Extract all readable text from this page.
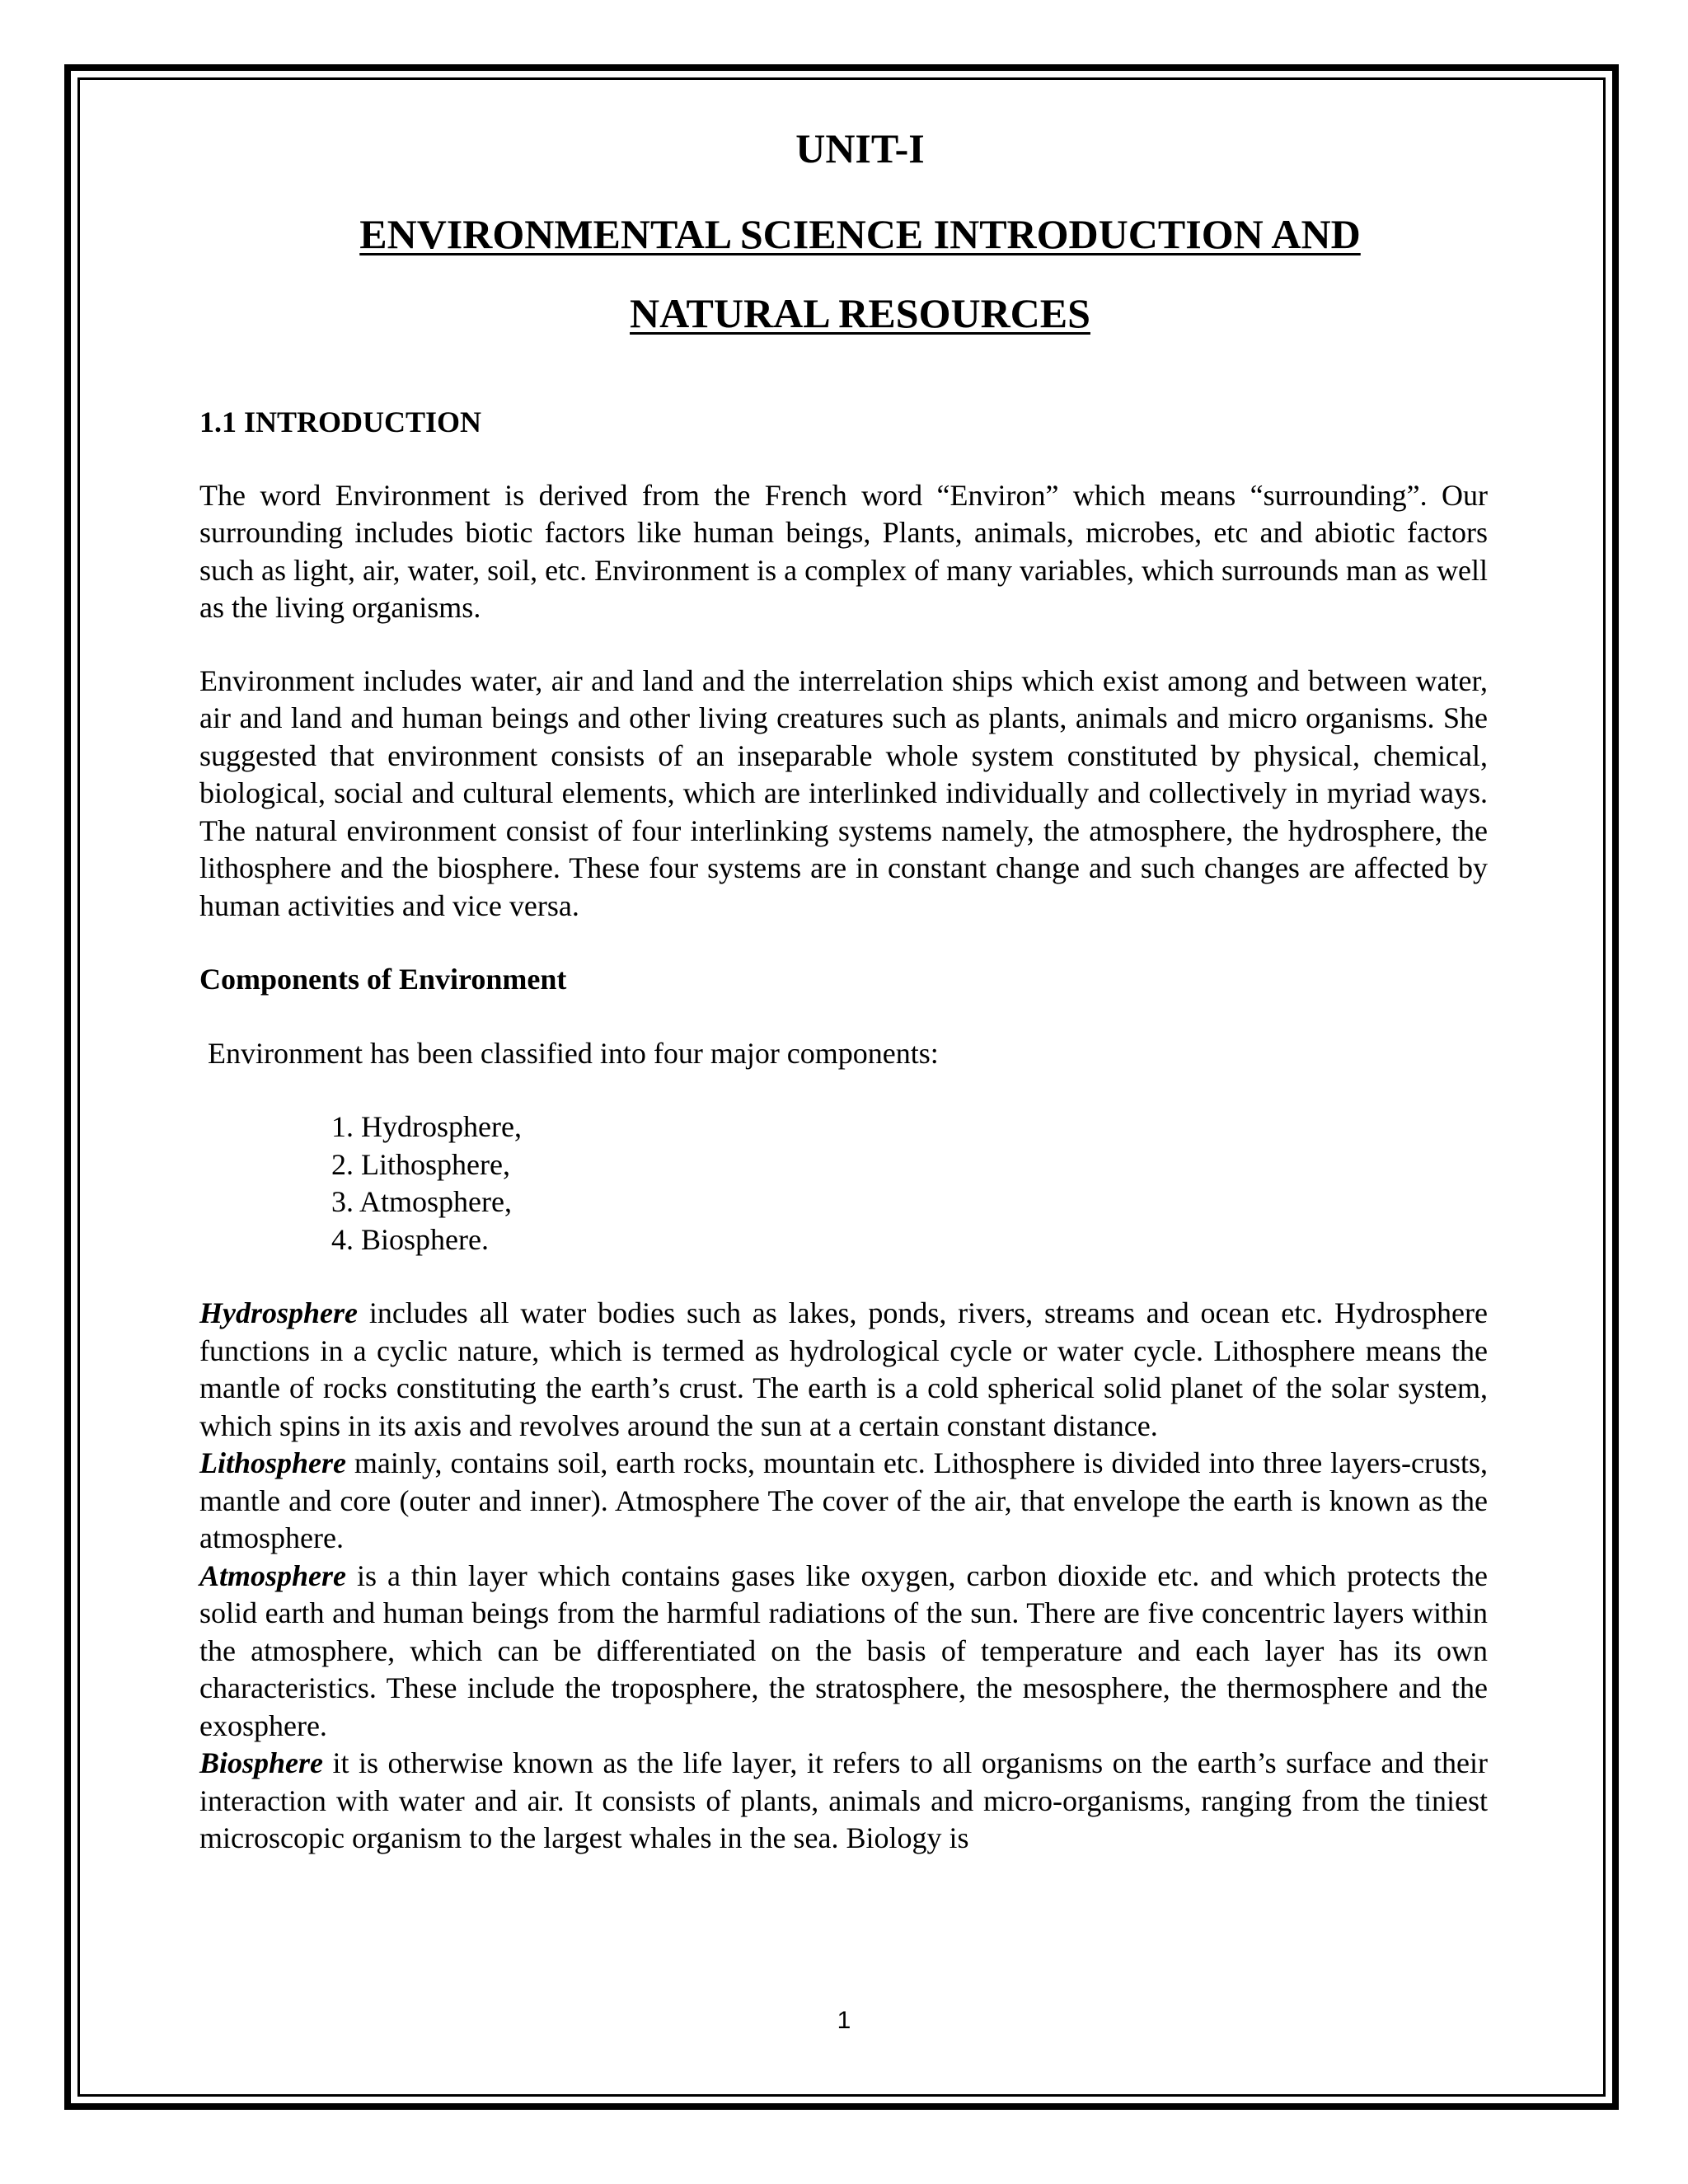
UNIT-I
ENVIRONMENTAL SCIENCE INTRODUCTION AND
NATURAL RESOURCES
1.1 INTRODUCTION

The word Environment is derived from the French word “Environ” which means “surrounding”. Our surrounding includes biotic factors like human beings, Plants, animals, microbes, etc and abiotic factors such as light, air, water, soil, etc. Environment is a complex of many variables, which surrounds man as well as the living organisms.

Environment includes water, air and land and the interrelation ships which exist among and between water, air and land and human beings and other living creatures such as plants, animals and micro organisms. She suggested that environment consists of an inseparable whole system constituted by physical, chemical, biological, social and cultural elements, which are interlinked individually and collectively in myriad ways. The natural environment consist of four interlinking systems namely, the atmosphere, the hydrosphere, the lithosphere and the biosphere. These four systems are in constant change and such changes are affected by human activities and vice versa.

Components of Environment
Environment has been classified into four major components:
1. Hydrosphere,
2. Lithosphere,
3. Atmosphere,
4. Biosphere.

Hydrosphere includes all water bodies such as lakes, ponds, rivers, streams and ocean etc. Hydrosphere functions in a cyclic nature, which is termed as hydrological cycle or water cycle. Lithosphere means the mantle of rocks constituting the earth’s crust. The earth is a cold spherical solid planet of the solar system, which spins in its axis and revolves around the sun at a certain constant distance.

Lithosphere mainly, contains soil, earth rocks, mountain etc. Lithosphere is divided into three layers-crusts, mantle and core (outer and inner). Atmosphere The cover of the air, that envelope the earth is known as the atmosphere.

Atmosphere is a thin layer which contains gases like oxygen, carbon dioxide etc. and which protects the solid earth and human beings from the harmful radiations of the sun. There are five concentric layers within the atmosphere, which can be differentiated on the basis of temperature and each layer has its own characteristics. These include the troposphere, the stratosphere, the mesosphere, the thermosphere and the exosphere.

Biosphere it is otherwise known as the life layer, it refers to all organisms on the earth’s surface and their interaction with water and air. It consists of plants, animals and micro-organisms, ranging from the tiniest microscopic organism to the largest whales in the sea. Biology is

1
